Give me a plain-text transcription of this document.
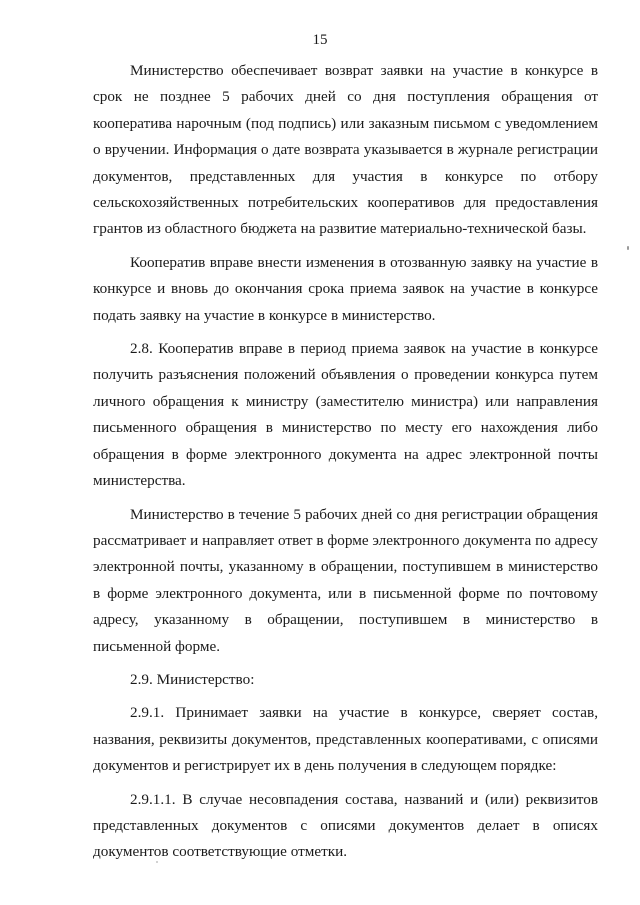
15

Министерство обеспечивает возврат заявки на участие в конкурсе в срок не позднее 5 рабочих дней со дня поступления обращения от кооператива нарочным (под подпись) или заказным письмом с уведомлением о вручении. Информация о дате возврата указывается в журнале регистрации документов, представленных для участия в конкурсе по отбору сельскохозяйственных потребительских кооперативов для предоставления грантов из областного бюджета на развитие материально-технической базы.

Кооператив вправе внести изменения в отозванную заявку на участие в конкурсе и вновь до окончания срока приема заявок на участие в конкурсе подать заявку на участие в конкурсе в министерство.

2.8. Кооператив вправе в период приема заявок на участие в конкурсе получить разъяснения положений объявления о проведении конкурса путем личного обращения к министру (заместителю министра) или направления письменного обращения в министерство по месту его нахождения либо обращения в форме электронного документа на адрес электронной почты министерства.

Министерство в течение 5 рабочих дней со дня регистрации обращения рассматривает и направляет ответ в форме электронного документа по адресу электронной почты, указанному в обращении, поступившем в министерство в форме электронного документа, или в письменной форме по почтовому адресу, указанному в обращении, поступившем в министерство в письменной форме.

2.9. Министерство:

2.9.1. Принимает заявки на участие в конкурсе, сверяет состав, названия, реквизиты документов, представленных кооперативами, с описями документов и регистрирует их в день получения в следующем порядке:

2.9.1.1. В случае несовпадения состава, названий и (или) реквизитов представленных документов с описями документов делает в описях документов соответствующие отметки.
